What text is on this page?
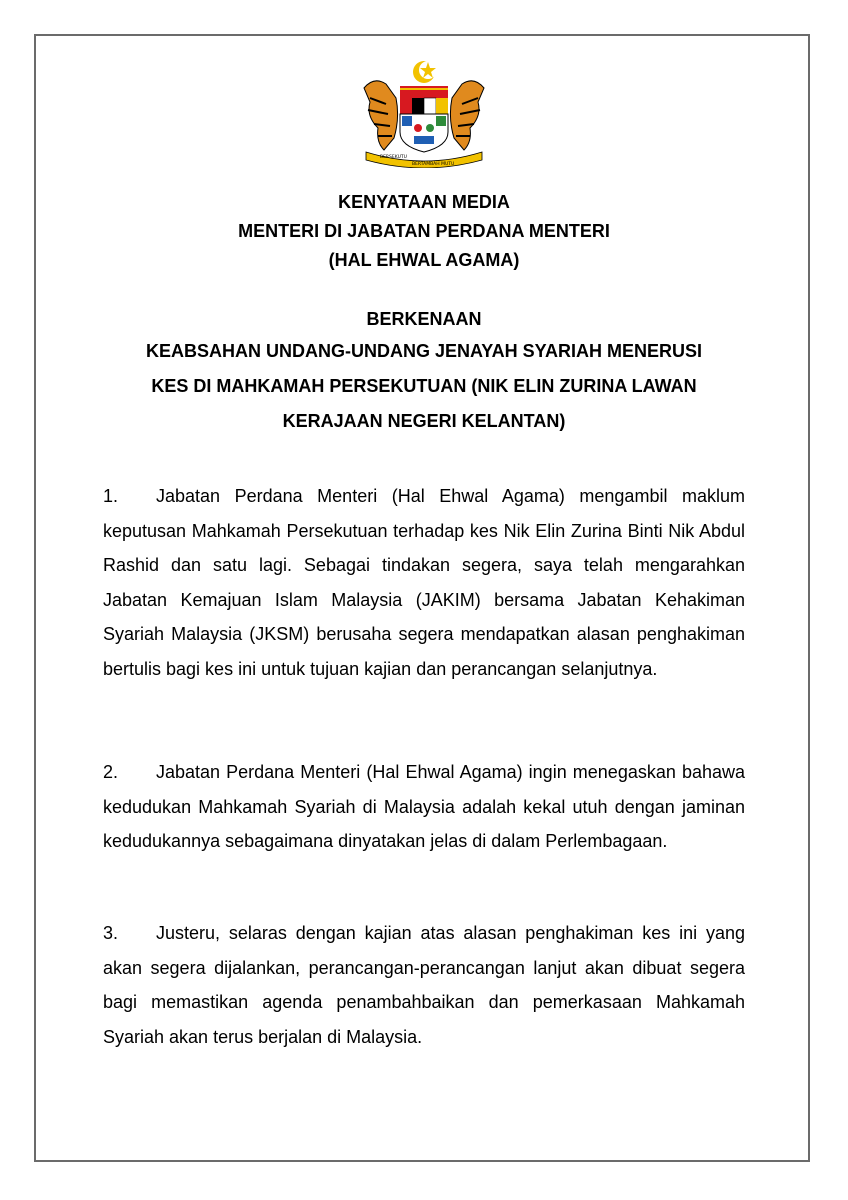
BERSEKUTU
BERTAMBAH MUTU
KENYATAAN MEDIA
MENTERI DI JABATAN PERDANA MENTERI
(HAL EHWAL AGAMA)
BERKENAAN
KEABSAHAN UNDANG-UNDANG JENAYAH SYARIAH MENERUSI
KES DI MAHKAMAH PERSEKUTUAN (NIK ELIN ZURINA LAWAN
KERAJAAN NEGERI KELANTAN)

1. Jabatan Perdana Menteri (Hal Ehwal Agama) mengambil maklum keputusan Mahkamah Persekutuan terhadap kes Nik Elin Zurina Binti Nik Abdul Rashid dan satu lagi. Sebagai tindakan segera, saya telah mengarahkan Jabatan Kemajuan Islam Malaysia (JAKIM) bersama Jabatan Kehakiman Syariah Malaysia (JKSM) berusaha segera mendapatkan alasan penghakiman bertulis bagi kes ini untuk tujuan kajian dan perancangan selanjutnya.

2. Jabatan Perdana Menteri (Hal Ehwal Agama) ingin menegaskan bahawa kedudukan Mahkamah Syariah di Malaysia adalah kekal utuh dengan jaminan kedudukannya sebagaimana dinyatakan jelas di dalam Perlembagaan.

3. Justeru, selaras dengan kajian atas alasan penghakiman kes ini yang akan segera dijalankan, perancangan-perancangan lanjut akan dibuat segera bagi memastikan agenda penambahbaikan dan pemerkasaan Mahkamah Syariah akan terus berjalan di Malaysia.
